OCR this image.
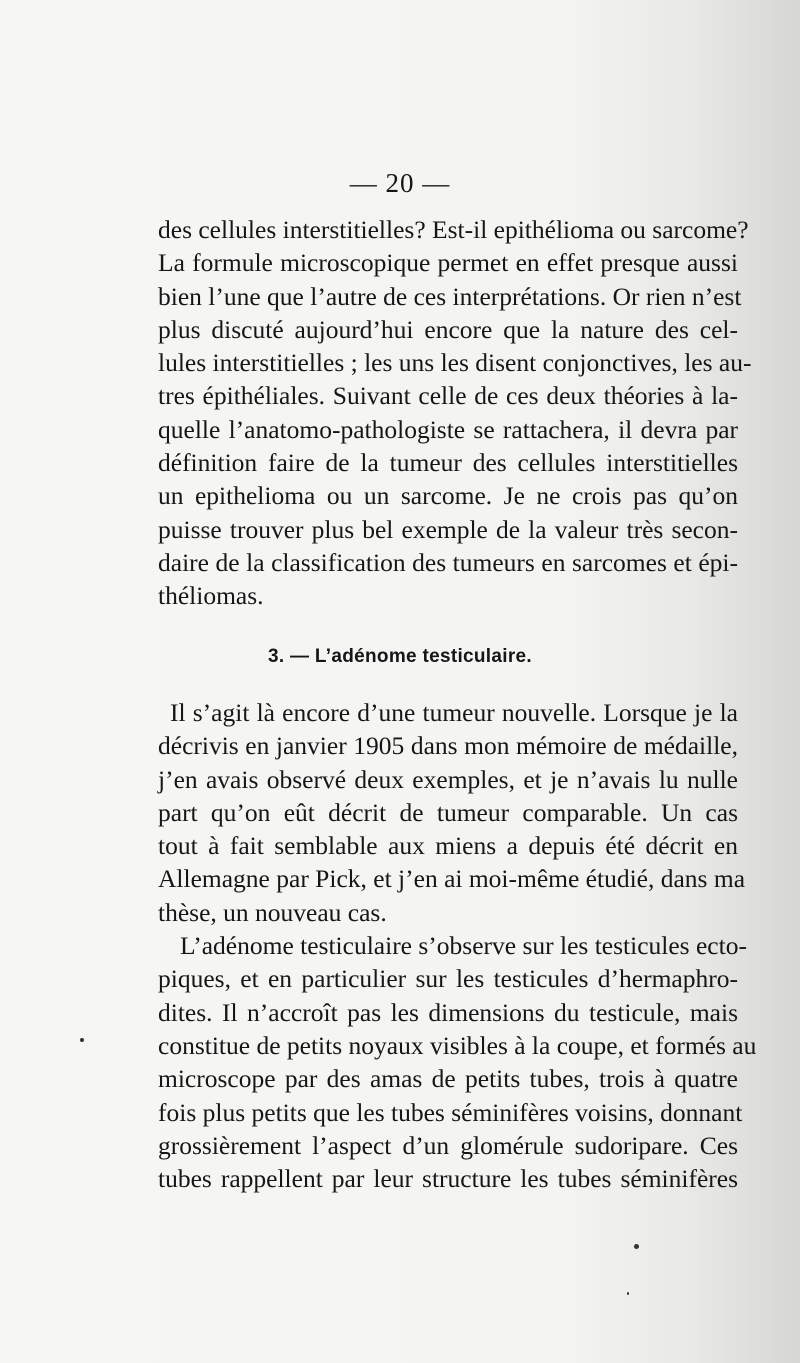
— 20 —
des cellules interstitielles? Est-il epithélioma ou sarcome?
La formule microscopique permet en effet presque aussi
bien l’une que l’autre de ces interprétations. Or rien n’est
plus discuté aujourd’hui encore que la nature des cel-
lules interstitielles ; les uns les disent conjonctives, les au-
tres épithéliales. Suivant celle de ces deux théories à la-
quelle l’anatomo-pathologiste se rattachera, il devra par
définition faire de la tumeur des cellules interstitielles
un epithelioma ou un sarcome. Je ne crois pas qu’on
puisse trouver plus bel exemple de la valeur très secon-
daire de la classification des tumeurs en sarcomes et épi-
théliomas.
3. — L’adénome testiculaire.
Il s’agit là encore d’une tumeur nouvelle. Lorsque je la
décrivis en janvier 1905 dans mon mémoire de médaille,
j’en avais observé deux exemples, et je n’avais lu nulle
part qu’on eût décrit de tumeur comparable. Un cas
tout à fait semblable aux miens a depuis été décrit en
Allemagne par Pick, et j’en ai moi-même étudié, dans ma
thèse, un nouveau cas.
L’adénome testiculaire s’observe sur les testicules ecto-
piques, et en particulier sur les testicules d’hermaphro-
dites. Il n’accroît pas les dimensions du testicule, mais
constitue de petits noyaux visibles à la coupe, et formés au
microscope par des amas de petits tubes, trois à quatre
fois plus petits que les tubes séminifères voisins, donnant
grossièrement l’aspect d’un glomérule sudoripare. Ces
tubes rappellent par leur structure les tubes séminifères
